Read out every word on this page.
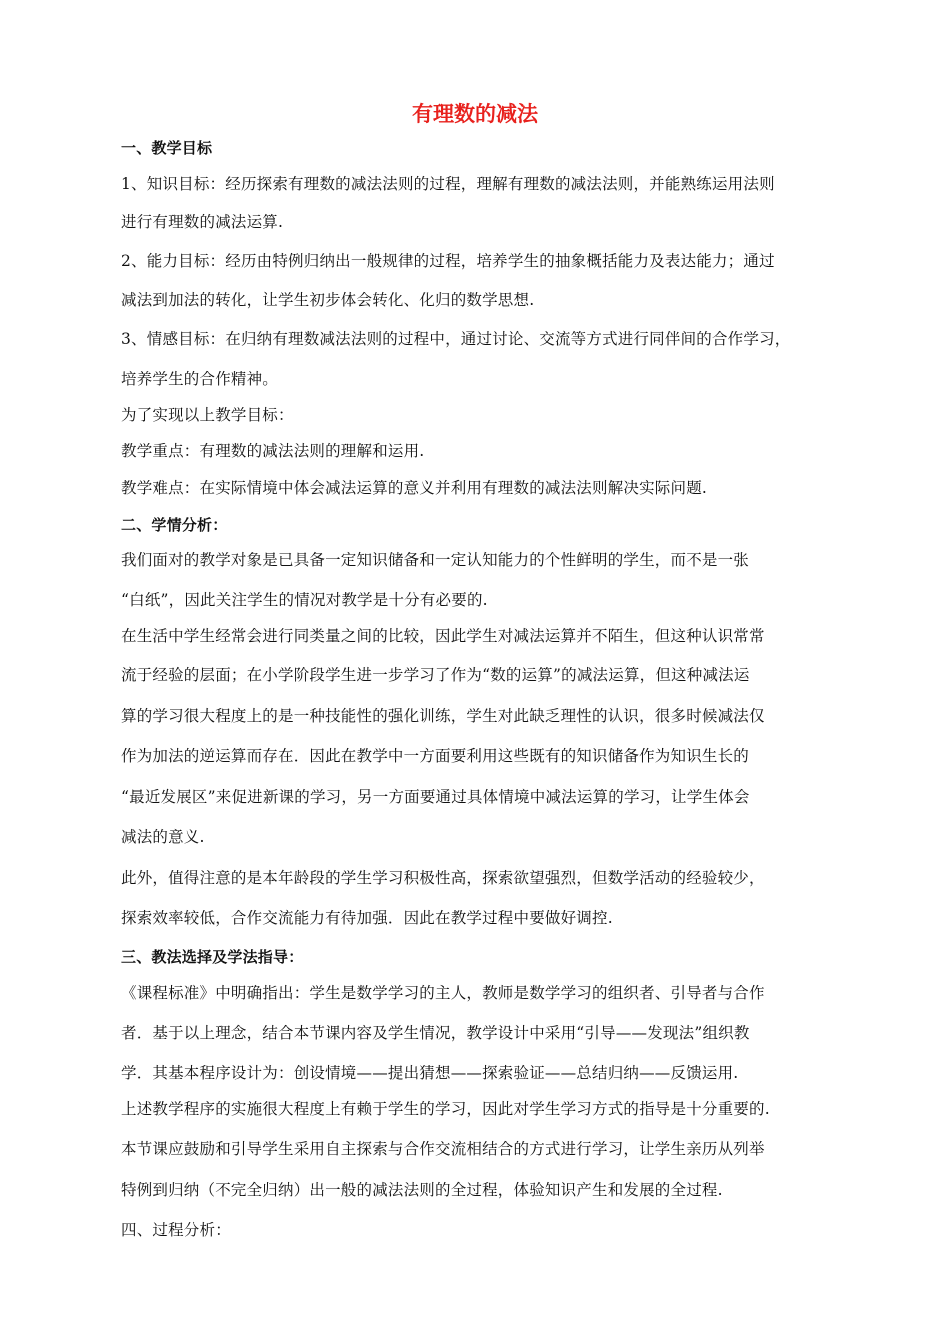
有理数的减法
一、教学目标
1、知识目标：经历探索有理数的减法法则的过程，理解有理数的减法法则，并能熟练运用法则
进行有理数的减法运算.
2、能力目标：经历由特例归纳出一般规律的过程，培养学生的抽象概括能力及表达能力；通过
减法到加法的转化，让学生初步体会转化、化归的数学思想.
3、情感目标：在归纳有理数减法法则的过程中，通过讨论、交流等方式进行同伴间的合作学习，
培养学生的合作精神。
为了实现以上教学目标：
教学重点：有理数的减法法则的理解和运用.
教学难点：在实际情境中体会减法运算的意义并利用有理数的减法法则解决实际问题.
二、学情分析：
我们面对的教学对象是已具备一定知识储备和一定认知能力的个性鲜明的学生，而不是一张
“白纸”，因此关注学生的情况对教学是十分有必要的.
在生活中学生经常会进行同类量之间的比较，因此学生对减法运算并不陌生，但这种认识常常
流于经验的层面；在小学阶段学生进一步学习了作为“数的运算”的减法运算，但这种减法运
算的学习很大程度上的是一种技能性的强化训练，学生对此缺乏理性的认识，很多时候减法仅
作为加法的逆运算而存在．因此在教学中一方面要利用这些既有的知识储备作为知识生长的
“最近发展区”来促进新课的学习，另一方面要通过具体情境中减法运算的学习，让学生体会
减法的意义.
此外，值得注意的是本年龄段的学生学习积极性高，探索欲望强烈，但数学活动的经验较少，
探索效率较低，合作交流能力有待加强．因此在教学过程中要做好调控.
三、教法选择及学法指导：
《课程标准》中明确指出：学生是数学学习的主人，教师是数学学习的组织者、引导者与合作
者．基于以上理念，结合本节课内容及学生情况，教学设计中采用“引导——发现法”组织教
学．其基本程序设计为：创设情境——提出猜想——探索验证——总结归纳——反馈运用.
上述教学程序的实施很大程度上有赖于学生的学习，因此对学生学习方式的指导是十分重要的.
本节课应鼓励和引导学生采用自主探索与合作交流相结合的方式进行学习，让学生亲历从列举
特例到归纳（不完全归纳）出一般的减法法则的全过程，体验知识产生和发展的全过程.
四、过程分析：
